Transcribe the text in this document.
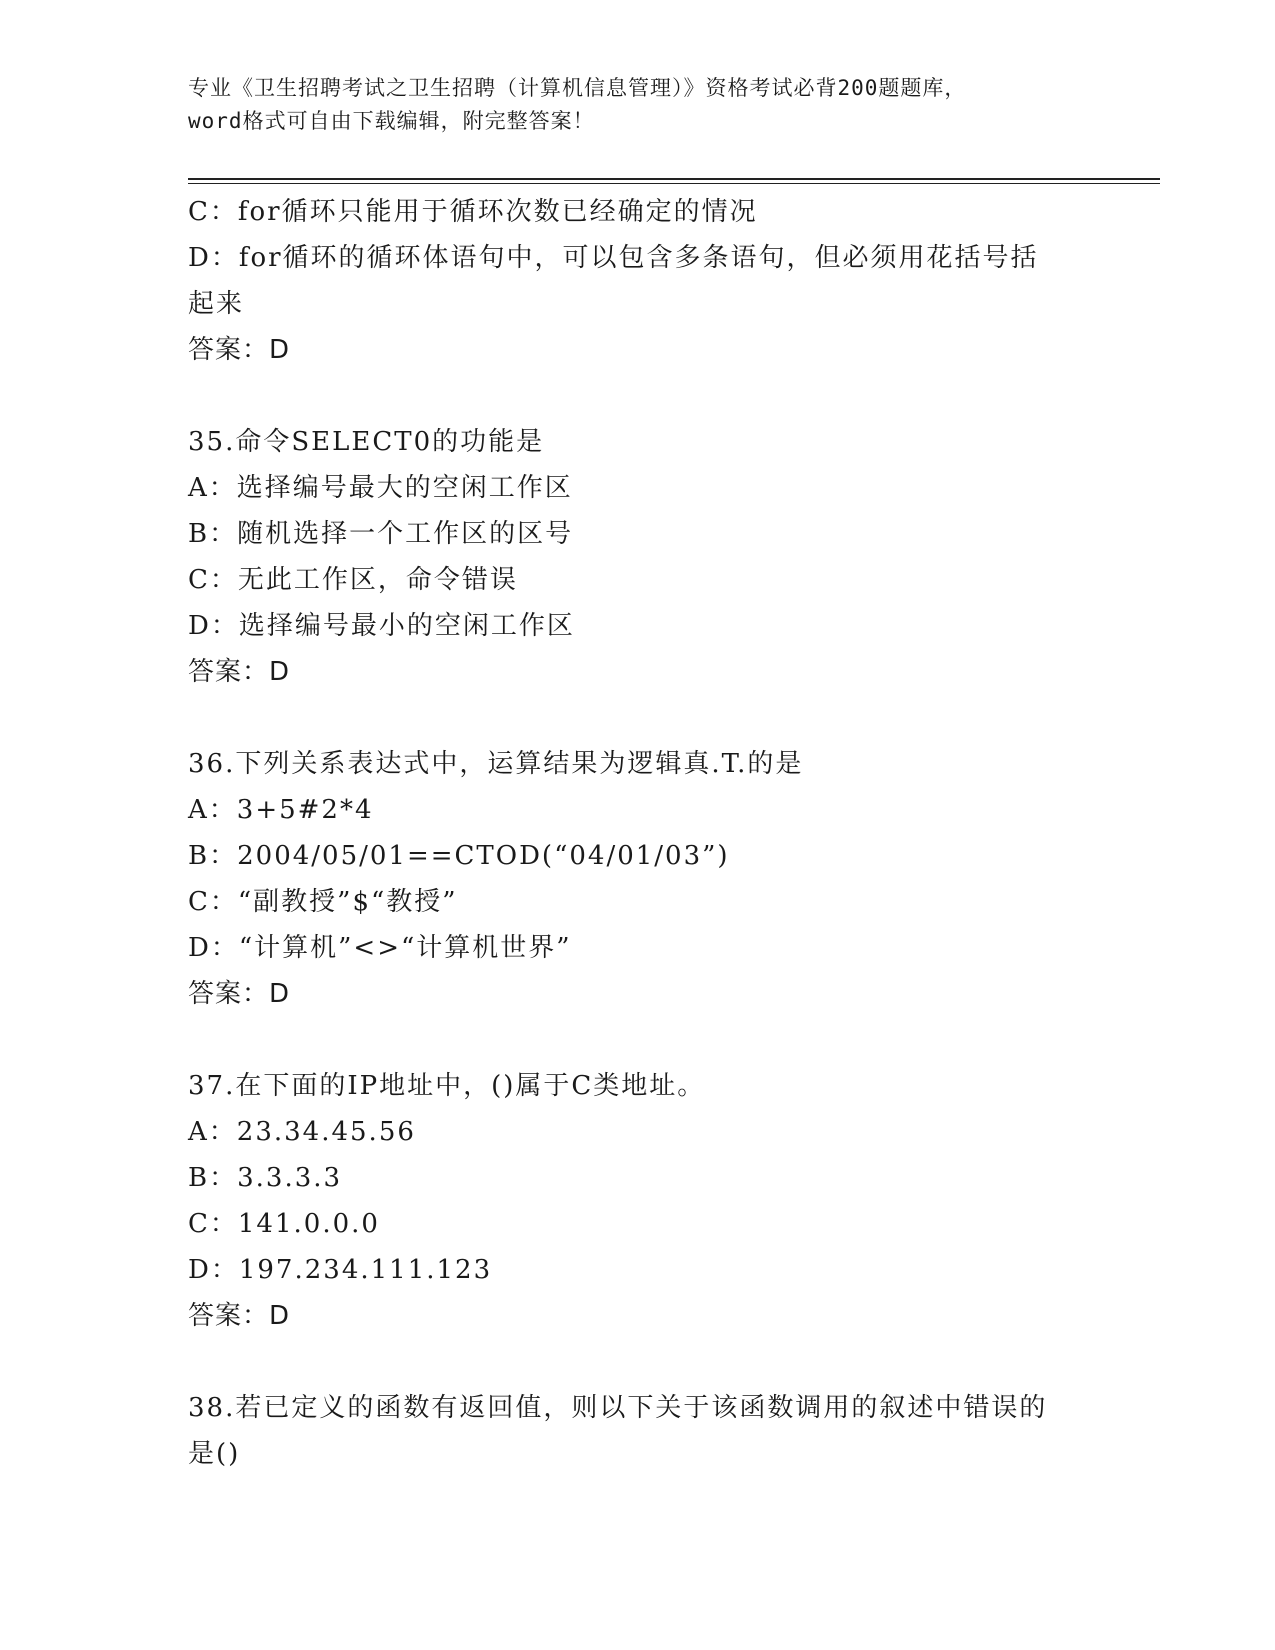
专业《卫生招聘考试之卫生招聘（计算机信息管理）》资格考试必背200题题库，
word格式可自由下载编辑，附完整答案！
C：for循环只能用于循环次数已经确定的情况
D：for循环的循环体语句中，可以包含多条语句，但必须用花括号括
起来
答案：D
35.命令SELECT0的功能是
A：选择编号最大的空闲工作区
B：随机选择一个工作区的区号
C：无此工作区，命令错误
D：选择编号最小的空闲工作区
答案：D
36.下列关系表达式中，运算结果为逻辑真.T.的是
A：3+5#2*4
B：2004/05/01==CTOD(“04/01/03”)
C：“副教授”$“教授”
D：“计算机”<>“计算机世界”
答案：D
37.在下面的IP地址中，()属于C类地址。
A：23.34.45.56
B：3.3.3.3
C：141.0.0.0
D：197.234.111.123
答案：D
38.若已定义的函数有返回值，则以下关于该函数调用的叙述中错误的
是()
